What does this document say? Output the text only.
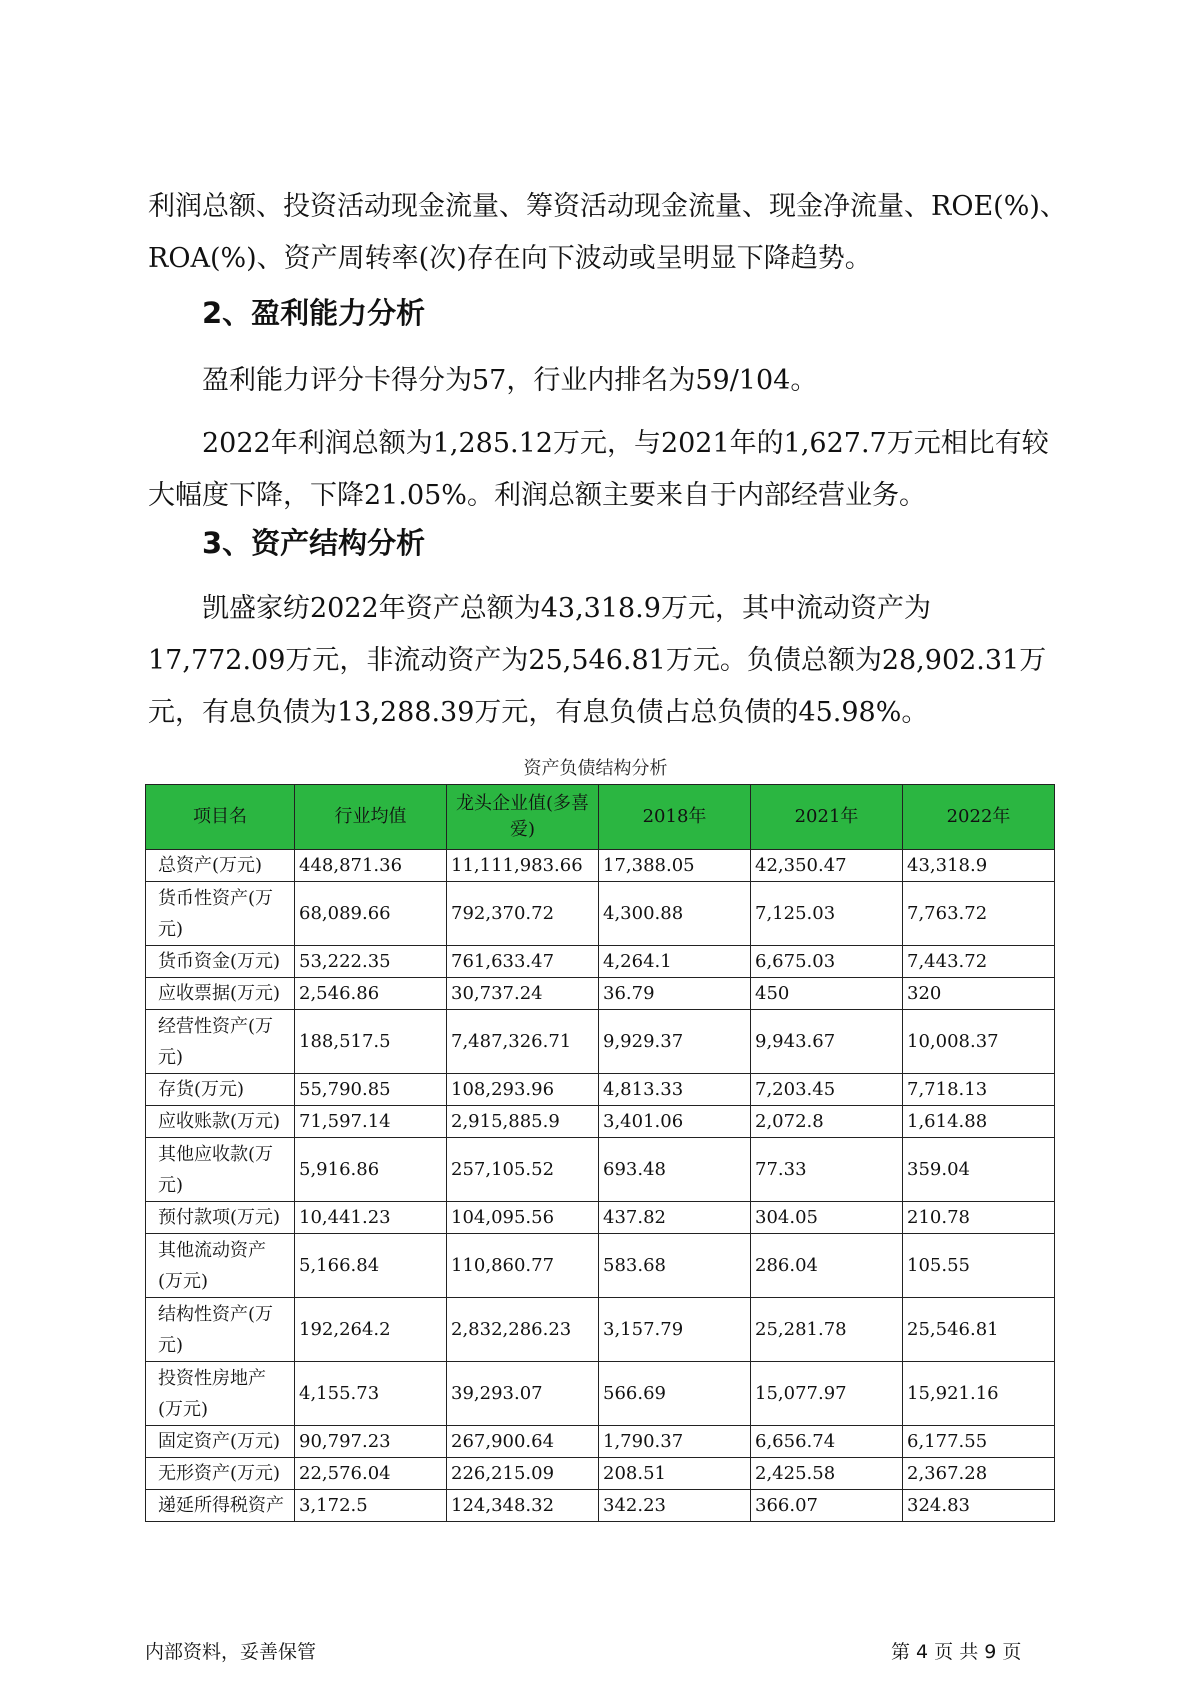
利润总额、投资活动现金流量、筹资活动现金流量、现金净流量、ROE(%)、ROA(%)、资产周转率(次)存在向下波动或呈明显下降趋势。

2、盈利能力分析

盈利能力评分卡得分为57，行业内排名为59/104。

2022年利润总额为1,285.12万元，与2021年的1,627.7万元相比有较大幅度下降，下降21.05%。利润总额主要来自于内部经营业务。

3、资产结构分析

凯盛家纺2022年资产总额为43,318.9万元，其中流动资产为17,772.09万元，非流动资产为25,546.81万元。负债总额为28,902.31万元，有息负债为13,288.39万元，有息负债占总负债的45.98%。

资产负债结构分析
项目名	行业均值	龙头企业值(多喜爱)	2018年	2021年	2022年
总资产(万元)	448,871.36	11,111,983.66	17,388.05	42,350.47	43,318.9
货币性资产(万元)	68,089.66	792,370.72	4,300.88	7,125.03	7,763.72
货币资金(万元)	53,222.35	761,633.47	4,264.1	6,675.03	7,443.72
应收票据(万元)	2,546.86	30,737.24	36.79	450	320
经营性资产(万元)	188,517.5	7,487,326.71	9,929.37	9,943.67	10,008.37
存货(万元)	55,790.85	108,293.96	4,813.33	7,203.45	7,718.13
应收账款(万元)	71,597.14	2,915,885.9	3,401.06	2,072.8	1,614.88
其他应收款(万元)	5,916.86	257,105.52	693.48	77.33	359.04
预付款项(万元)	10,441.23	104,095.56	437.82	304.05	210.78
其他流动资产(万元)	5,166.84	110,860.77	583.68	286.04	105.55
结构性资产(万元)	192,264.2	2,832,286.23	3,157.79	25,281.78	25,546.81
投资性房地产(万元)	4,155.73	39,293.07	566.69	15,077.97	15,921.16
固定资产(万元)	90,797.23	267,900.64	1,790.37	6,656.74	6,177.55
无形资产(万元)	22,576.04	226,215.09	208.51	2,425.58	2,367.28
递延所得税资产	3,172.5	124,348.32	342.23	366.07	324.83
内部资料，妥善保管	第 4 页 共 9 页
